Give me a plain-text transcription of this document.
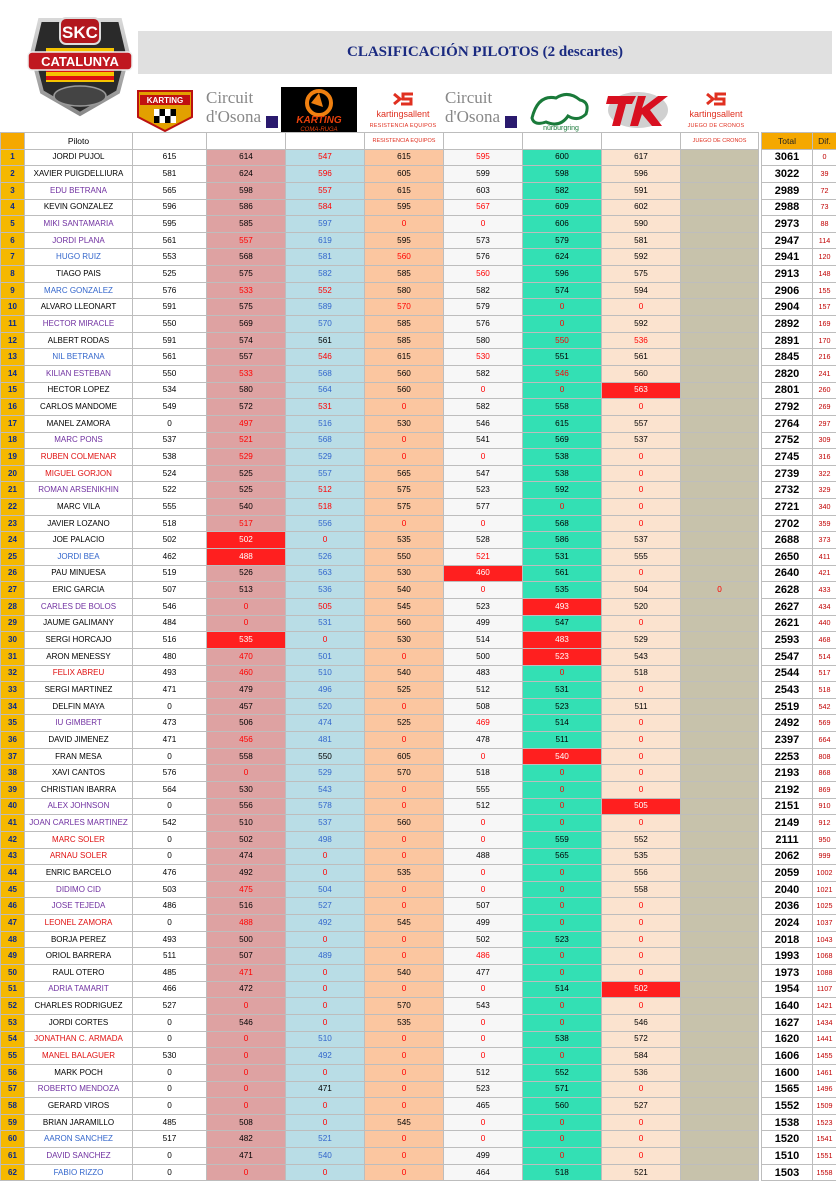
SKC
CATALUNYA
CLASIFICACIÓN PILOTOS (2 descartes)
KARTING Circuit
d'Osona	KARTING
COMA-RUGA
kartingsallent
RESISTENCIA EQUIPOS
Circuit
d'Osona
nürburgring
kartingsallent
JUEGO DE CRONOS
	Piloto				RESISTENCIA EQUIPOS				JUEGO DE CRONOS		Total	Dif.
1	JORDI PUJOL	615	614	547	615	595	600	617			3061	0
2	XAVIER PUIGDELLIURA	581	624	596	605	599	598	596			3022	39
3	EDU BETRANA	565	598	557	615	603	582	591			2989	72
4	KEVIN GONZALEZ	596	586	584	595	567	609	602			2988	73
5	MIKI SANTAMARIA	595	585	597	0	0	606	590			2973	88
6	JORDI PLANA	561	557	619	595	573	579	581			2947	114
7	HUGO RUIZ	553	568	581	560	576	624	592			2941	120
8	TIAGO PAIS	525	575	582	585	560	596	575			2913	148
9	MARC GONZALEZ	576	533	552	580	582	574	594			2906	155
10	ALVARO LLEONART	591	575	589	570	579	0	0			2904	157
11	HECTOR MIRACLE	550	569	570	585	576	0	592			2892	169
12	ALBERT RODAS	591	574	561	585	580	550	536			2891	170
13	NIL BETRANA	561	557	546	615	530	551	561			2845	216
14	KILIAN ESTEBAN	550	533	568	560	582	546	560			2820	241
15	HECTOR LOPEZ	534	580	564	560	0	0	563			2801	260
16	CARLOS MANDOME	549	572	531	0	582	558	0			2792	269
17	MANEL ZAMORA	0	497	516	530	546	615	557			2764	297
18	MARC PONS	537	521	568	0	541	569	537			2752	309
19	RUBEN COLMENAR	538	529	529	0	0	538	0			2745	316
20	MIGUEL GORJON	524	525	557	565	547	538	0			2739	322
21	ROMAN ARSENIKHIN	522	525	512	575	523	592	0			2732	329
22	MARC VILA	555	540	518	575	577	0	0			2721	340
23	JAVIER LOZANO	518	517	556	0	0	568	0			2702	359
24	JOE PALACIO	502	502	0	535	528	586	537			2688	373
25	JORDI BEA	462	488	526	550	521	531	555			2650	411
26	PAU MINUESA	519	526	563	530	460	561	0			2640	421
27	ERIC GARCIA	507	513	536	540	0	535	504	0		2628	433
28	CARLES DE BOLOS	546	0	505	545	523	493	520			2627	434
29	JAUME GALIMANY	484	0	531	560	499	547	0			2621	440
30	SERGI HORCAJO	516	535	0	530	514	483	529			2593	468
31	ARON MENESSY	480	470	501	0	500	523	543			2547	514
32	FELIX ABREU	493	460	510	540	483	0	518			2544	517
33	SERGI MARTINEZ	471	479	496	525	512	531	0			2543	518
34	DELFIN MAYA	0	457	520	0	508	523	511			2519	542
35	IU GIMBERT	473	506	474	525	469	514	0			2492	569
36	DAVID JIMENEZ	471	456	481	0	478	511	0			2397	664
37	FRAN MESA	0	558	550	605	0	540	0			2253	808
38	XAVI CANTOS	576	0	529	570	518	0	0			2193	868
39	CHRISTIAN IBARRA	564	530	543	0	555	0	0			2192	869
40	ALEX JOHNSON	0	556	578	0	512	0	505			2151	910
41	JOAN CARLES MARTINEZ	542	510	537	560	0	0	0			2149	912
42	MARC SOLER	0	502	498	0	0	559	552			2111	950
43	ARNAU SOLER	0	474	0	0	488	565	535			2062	999
44	ENRIC BARCELO	476	492	0	535	0	0	556			2059	1002
45	DIDIMO CID	503	475	504	0	0	0	558			2040	1021
46	JOSE TEJEDA	486	516	527	0	507	0	0			2036	1025
47	LEONEL ZAMORA	0	488	492	545	499	0	0			2024	1037
48	BORJA PEREZ	493	500	0	0	502	523	0			2018	1043
49	ORIOL BARRERA	511	507	489	0	486	0	0			1993	1068
50	RAUL OTERO	485	471	0	540	477	0	0			1973	1088
51	ADRIA TAMARIT	466	472	0	0	0	514	502			1954	1107
52	CHARLES RODRIGUEZ	527	0	0	570	543	0	0			1640	1421
53	JORDI CORTES	0	546	0	535	0	0	546			1627	1434
54	JONATHAN C. ARMADA	0	0	510	0	0	538	572			1620	1441
55	MANEL BALAGUER	530	0	492	0	0	0	584			1606	1455
56	MARK POCH	0	0	0	0	512	552	536			1600	1461
57	ROBERTO MENDOZA	0	0	471	0	523	571	0			1565	1496
58	GERARD VIROS	0	0	0	0	465	560	527			1552	1509
59	BRIAN JARAMILLO	485	508	0	545	0	0	0			1538	1523
60	AARON SANCHEZ	517	482	521	0	0	0	0			1520	1541
61	DAVID SANCHEZ	0	471	540	0	499	0	0			1510	1551
62	FABIO RIZZO	0	0	0	0	464	518	521			1503	1558
